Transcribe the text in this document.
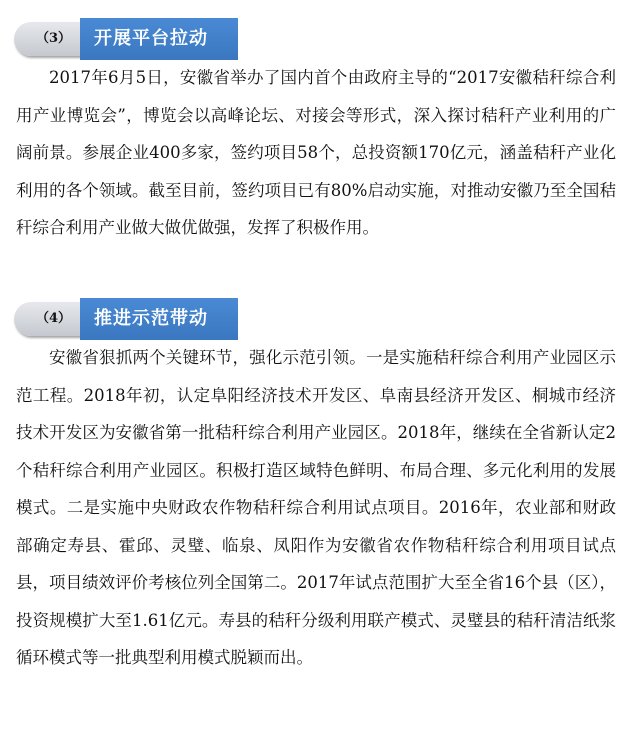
（3） 开展平台拉动

2017年6月5日，安徽省举办了国内首个由政府主导的“2017安徽秸秆综合利用产业博览会”，博览会以高峰论坛、对接会等形式，深入探讨秸秆产业利用的广阔前景。参展企业400多家，签约项目58个，总投资额170亿元，涵盖秸秆产业化利用的各个领域。截至目前，签约项目已有80%启动实施，对推动安徽乃至全国秸秆综合利用产业做大做优做强，发挥了积极作用。

（4） 推进示范带动

安徽省狠抓两个关键环节，强化示范引领。一是实施秸秆综合利用产业园区示范工程。2018年初，认定阜阳经济技术开发区、阜南县经济开发区、桐城市经济技术开发区为安徽省第一批秸秆综合利用产业园区。2018年，继续在全省新认定2个秸秆综合利用产业园区。积极打造区域特色鲜明、布局合理、多元化利用的发展模式。二是实施中央财政农作物秸秆综合利用试点项目。2016年，农业部和财政部确定寿县、霍邱、灵璧、临泉、凤阳作为安徽省农作物秸秆综合利用项目试点县，项目绩效评价考核位列全国第二。2017年试点范围扩大至全省16个县（区），投资规模扩大至1.61亿元。寿县的秸秆分级利用联产模式、灵璧县的秸秆清洁纸浆循环模式等一批典型利用模式脱颖而出。
